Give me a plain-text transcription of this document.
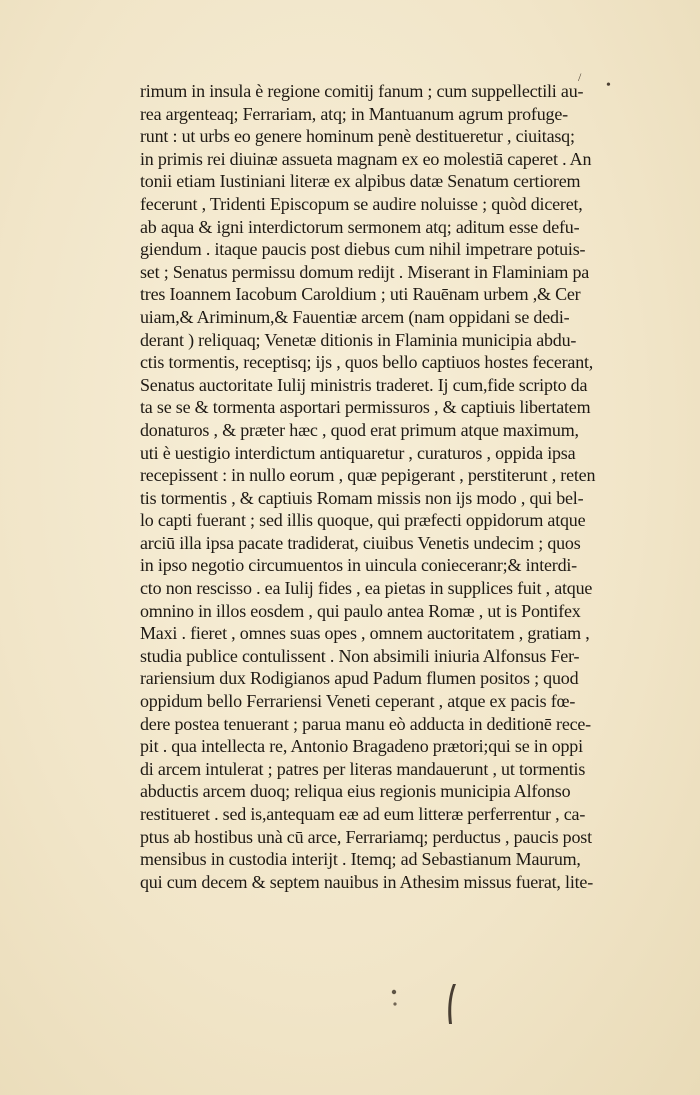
•
/
rimum in insula è regione comitij fanum ; cum suppellectili au-
rea argenteaq; Ferrariam, atq; in Mantuanum agrum profuge-
runt : ut urbs eo genere hominum penè destitueretur , ciuitasq;
in primis rei diuinæ assueta magnam ex eo molestiā caperet . An
tonii etiam Iustiniani literæ ex alpibus datæ Senatum certiorem
fecerunt , Tridenti Episcopum se audire noluisse ; quòd diceret,
ab aqua & igni interdictorum sermonem atq; aditum esse defu-
giendum . itaque paucis post diebus cum nihil impetrare potuis-
set ; Senatus permissu domum redijt . Miserant in Flaminiam pa
tres Ioannem Iacobum Caroldium ; uti Rauēnam urbem ,& Cer
uiam,& Ariminum,& Fauentiæ arcem (nam oppidani se dedi-
derant ) reliquaq; Venetæ ditionis in Flaminia municipia abdu-
ctis tormentis, receptisq; ijs , quos bello captiuos hostes fecerant,
Senatus auctoritate Iulij ministris traderet. Ij cum,fide scripto da
ta se se & tormenta asportari permissuros , & captiuis libertatem
donaturos , & præter hæc , quod erat primum atque maximum,
uti è uestigio interdictum antiquaretur , curaturos , oppida ipsa
recepissent : in nullo eorum , quæ pepigerant , perstiterunt , reten
tis tormentis , & captiuis Romam missis non ijs modo , qui bel-
lo capti fuerant ; sed illis quoque, qui præfecti oppidorum atque
arciū illa ipsa pacate tradiderat, ciuibus Venetis undecim ; quos
in ipso negotio circumuentos in uincula conieceranr;& interdi-
cto non rescisso . ea Iulij fides , ea pietas in supplices fuit , atque
omnino in illos eosdem , qui paulo antea Romæ , ut is Pontifex
Maxi . fieret , omnes suas opes , omnem auctoritatem , gratiam ,
studia publice contulissent . Non absimili iniuria Alfonsus Fer-
rariensium dux Rodigianos apud Padum flumen positos ; quod
oppidum bello Ferrariensi Veneti ceperant , atque ex pacis fœ-
dere postea tenuerant ; parua manu eò adducta in deditionē rece-
pit . qua intellecta re, Antonio Bragadeno prætori;qui se in oppi
di arcem intulerat ; patres per literas mandauerunt , ut tormentis
abductis arcem duoq; reliqua eius regionis municipia Alfonso
restitueret . sed is,antequam eæ ad eum litteræ perferrentur , ca-
ptus ab hostibus unà cū arce, Ferrariamq; perductus , paucis post
mensibus in custodia interijt . Itemq; ad Sebastianum Maurum,
qui cum decem & septem nauibus in Athesim missus fuerat, lite-
